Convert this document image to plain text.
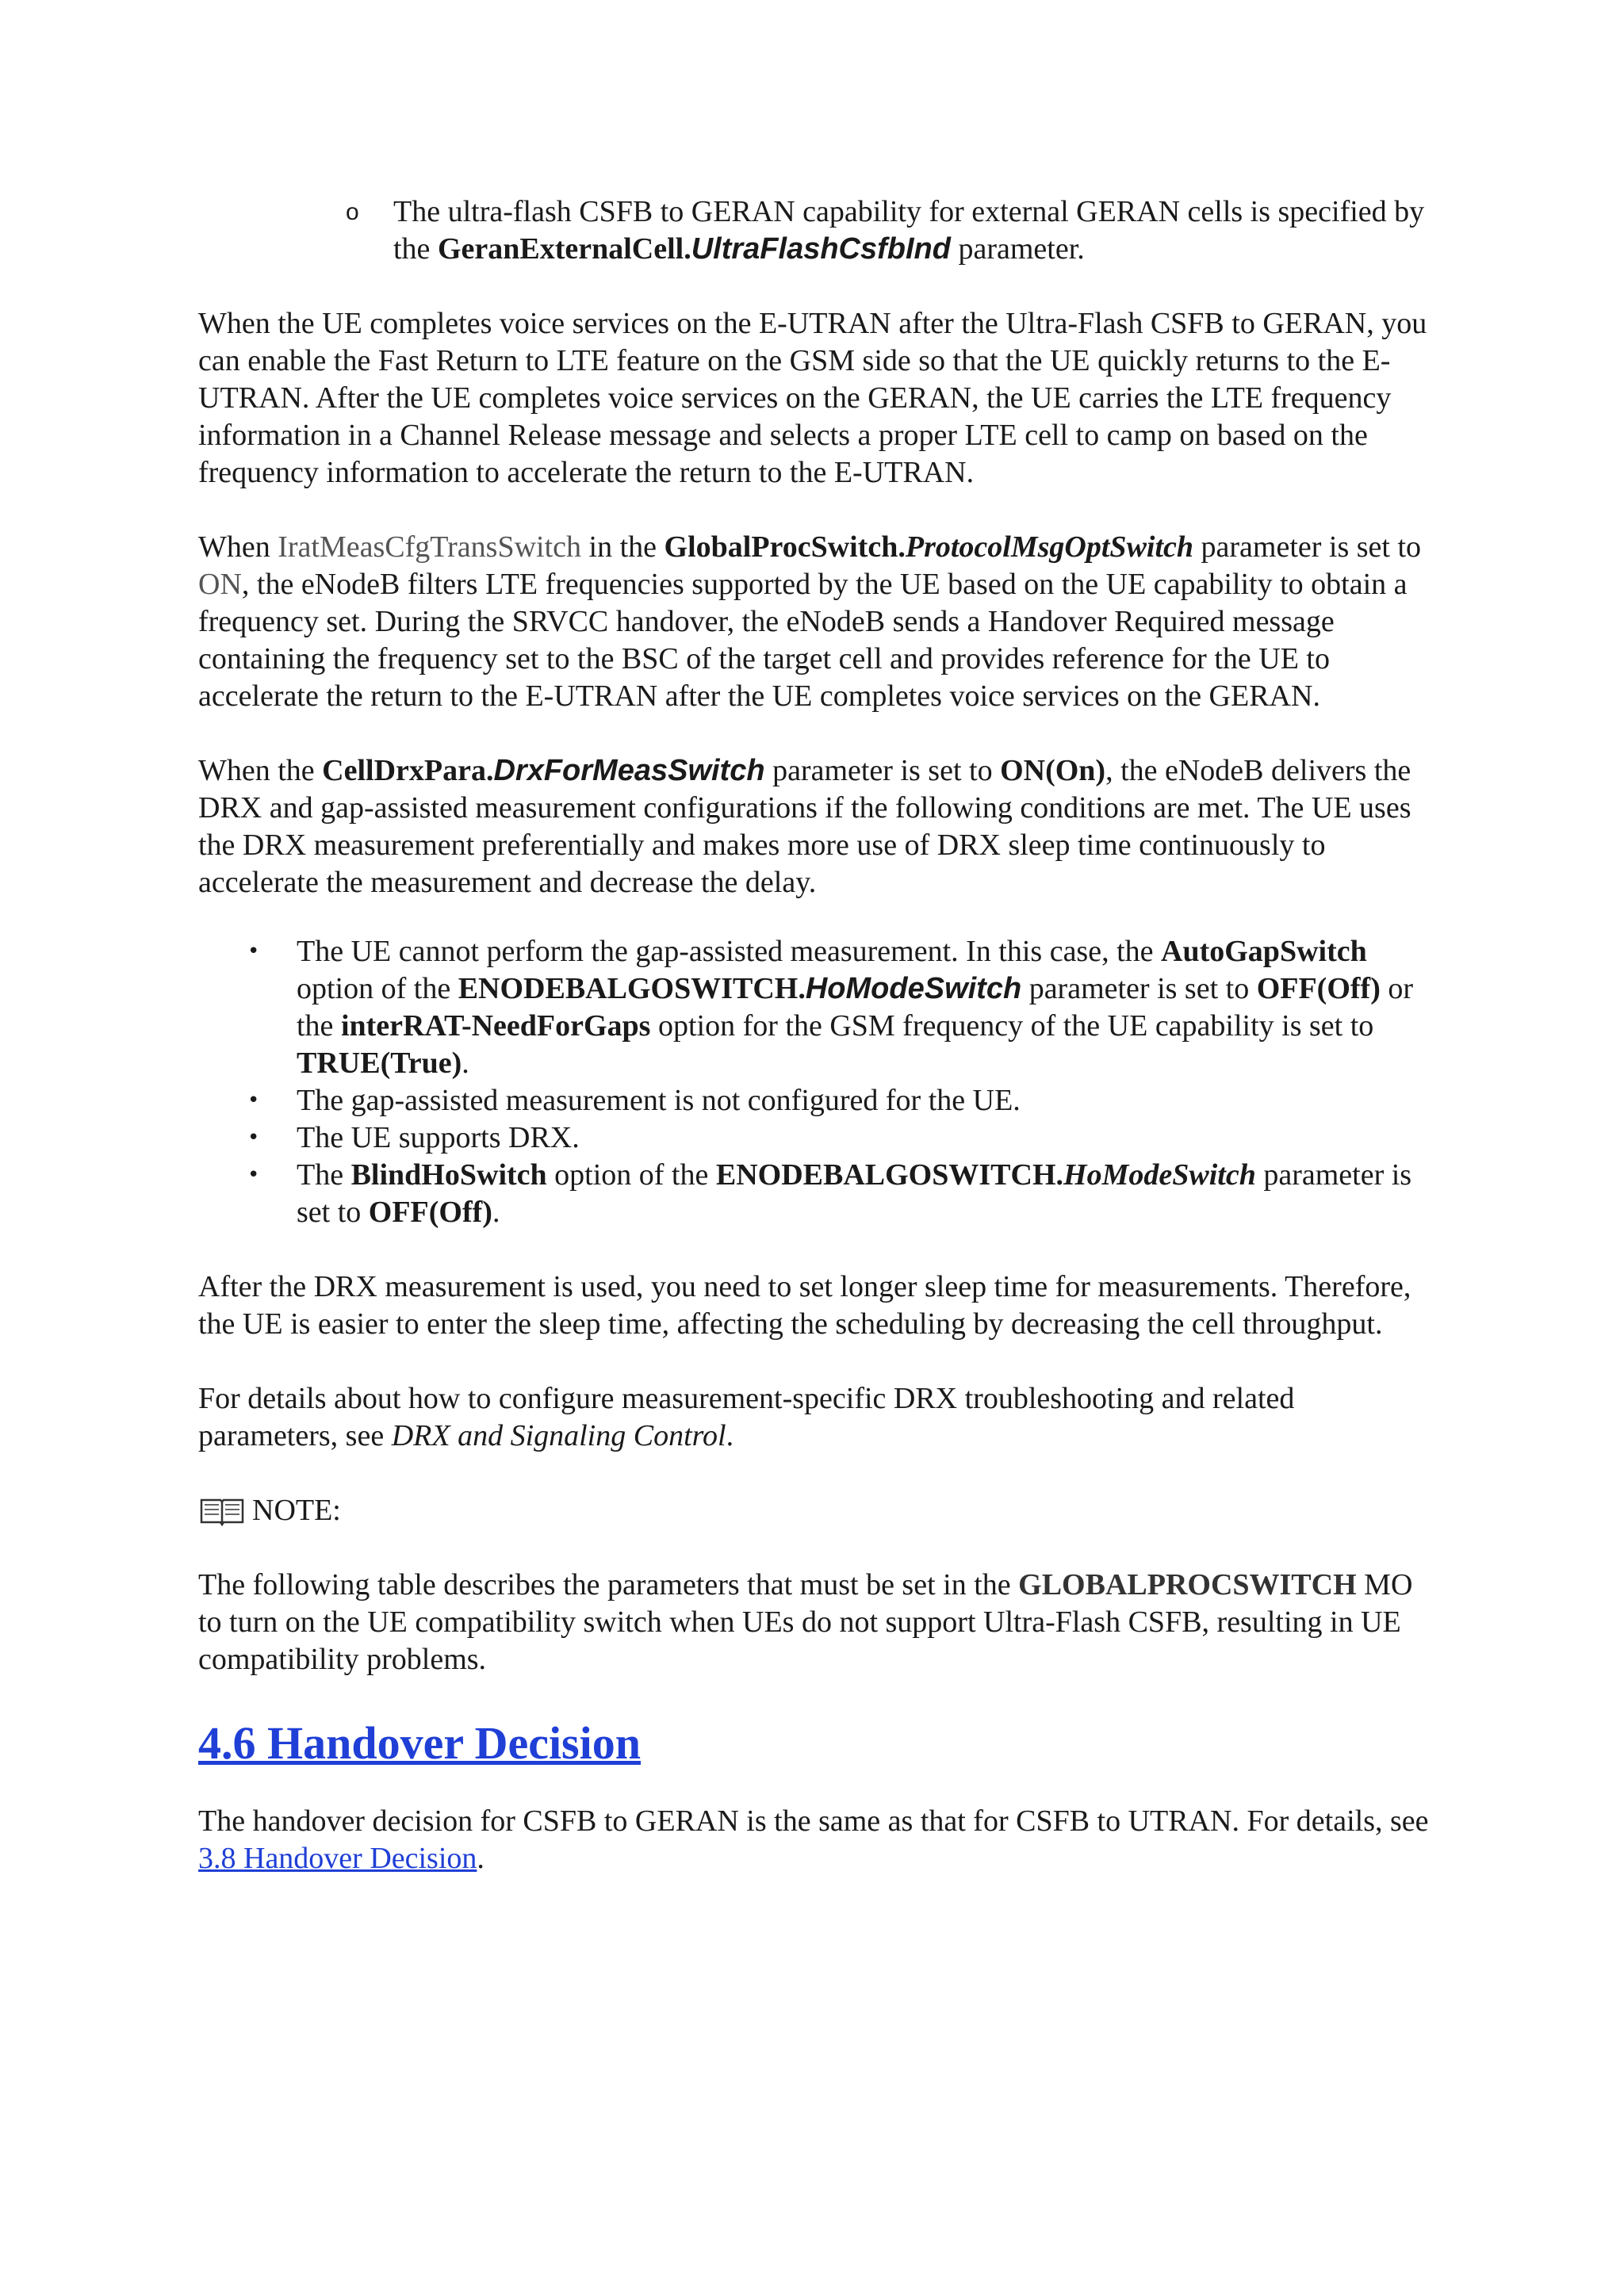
o The ultra-flash CSFB to GERAN capability for external GERAN cells is specified by the GeranExternalCell.UltraFlashCsfbInd parameter.

When the UE completes voice services on the E-UTRAN after the Ultra-Flash CSFB to GERAN, you can enable the Fast Return to LTE feature on the GSM side so that the UE quickly returns to the E-UTRAN. After the UE completes voice services on the GERAN, the UE carries the LTE frequency information in a Channel Release message and selects a proper LTE cell to camp on based on the frequency information to accelerate the return to the E-UTRAN.

When IratMeasCfgTransSwitch in the GlobalProcSwitch.ProtocolMsgOptSwitch parameter is set to ON, the eNodeB filters LTE frequencies supported by the UE based on the UE capability to obtain a frequency set. During the SRVCC handover, the eNodeB sends a Handover Required message containing the frequency set to the BSC of the target cell and provides reference for the UE to accelerate the return to the E-UTRAN after the UE completes voice services on the GERAN.

When the CellDrxPara.DrxForMeasSwitch parameter is set to ON(On), the eNodeB delivers the DRX and gap-assisted measurement configurations if the following conditions are met. The UE uses the DRX measurement preferentially and makes more use of DRX sleep time continuously to accelerate the measurement and decrease the delay.

• The UE cannot perform the gap-assisted measurement. In this case, the AutoGapSwitch option of the ENODEBALGOSWITCH.HoModeSwitch parameter is set to OFF(Off) or the interRAT-NeedForGaps option for the GSM frequency of the UE capability is set to TRUE(True).
• The gap-assisted measurement is not configured for the UE.
• The UE supports DRX.
• The BlindHoSwitch option of the ENODEBALGOSWITCH.HoModeSwitch parameter is set to OFF(Off).

After the DRX measurement is used, you need to set longer sleep time for measurements. Therefore, the UE is easier to enter the sleep time, affecting the scheduling by decreasing the cell throughput.

For details about how to configure measurement-specific DRX troubleshooting and related parameters, see DRX and Signaling Control.

NOTE:

The following table describes the parameters that must be set in the GLOBALPROCSWITCH MO to turn on the UE compatibility switch when UEs do not support Ultra-Flash CSFB, resulting in UE compatibility problems.

4.6 Handover Decision

The handover decision for CSFB to GERAN is the same as that for CSFB to UTRAN. For details, see 3.8 Handover Decision.
